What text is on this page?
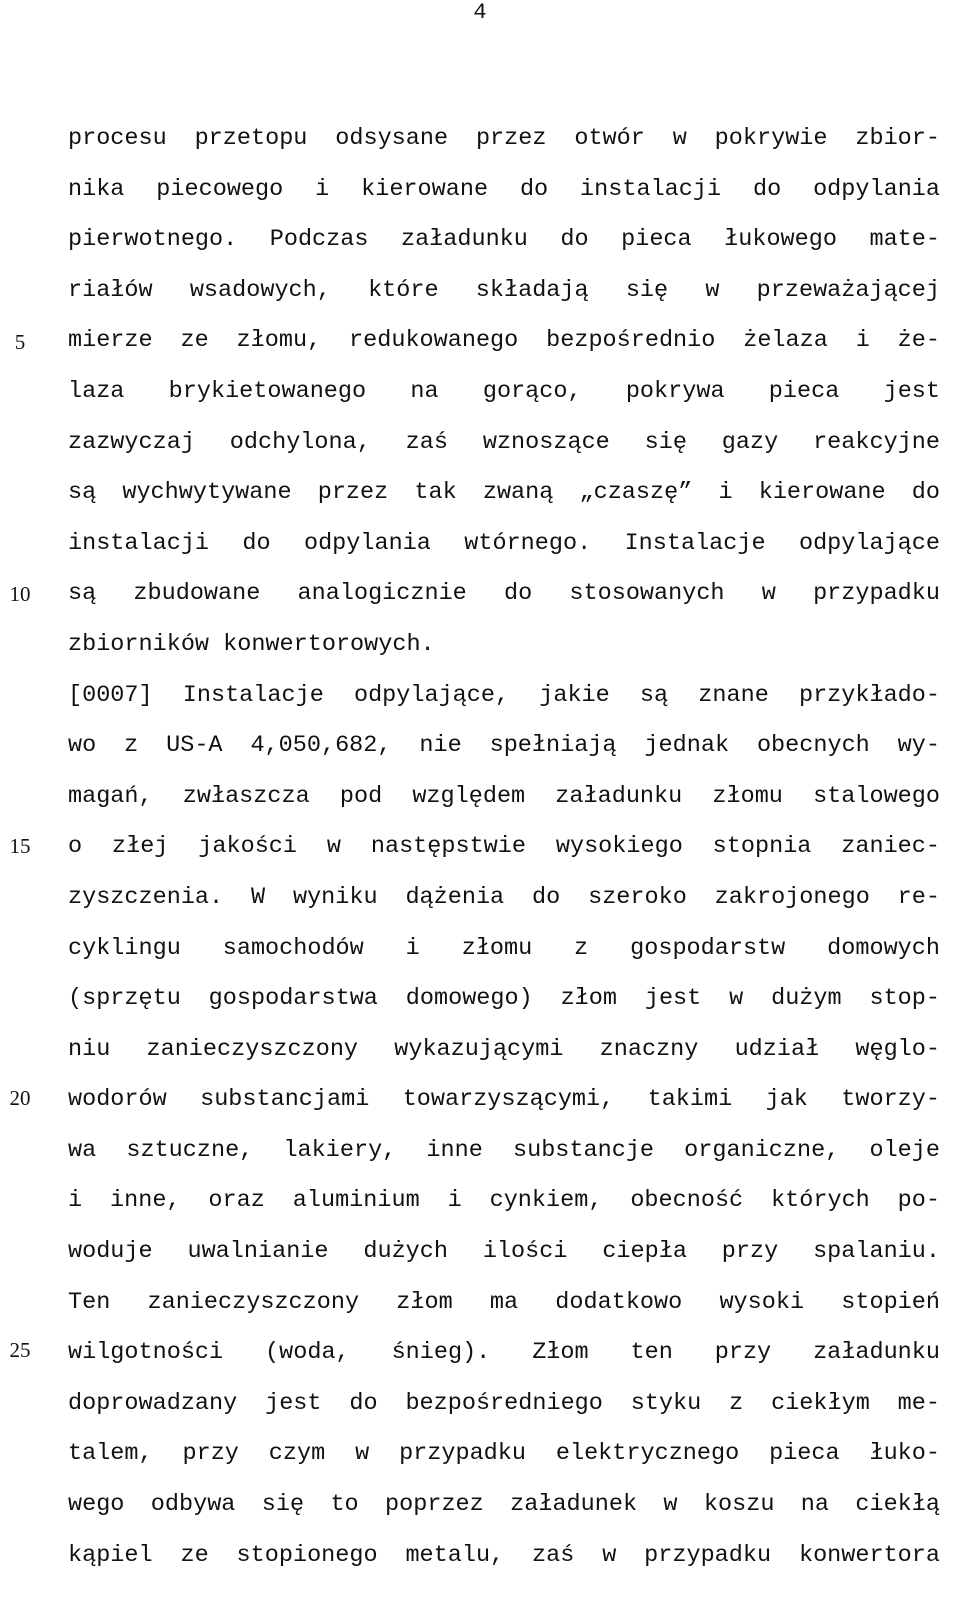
4
5
10
15
20
25
procesu przetopu odsysane przez otwór w pokrywie zbior-
nika piecowego i kierowane do instalacji do odpylania
pierwotnego. Podczas załadunku do pieca łukowego mate-
riałów wsadowych, które składają się w przeważającej
mierze ze złomu, redukowanego bezpośrednio żelaza i że-
laza brykietowanego na gorąco, pokrywa pieca jest
zazwyczaj odchylona, zaś wznoszące się gazy reakcyjne
są wychwytywane przez tak zwaną „czaszę” i kierowane do
instalacji do odpylania wtórnego. Instalacje odpylające
są zbudowane analogicznie do stosowanych w przypadku
zbiorników konwertorowych.
[0007] Instalacje odpylające, jakie są znane przykłado-
wo z US-A 4,050,682, nie spełniają jednak obecnych wy-
magań, zwłaszcza pod względem załadunku złomu stalowego
o złej jakości w następstwie wysokiego stopnia zaniec-
zyszczenia. W wyniku dążenia do szeroko zakrojonego re-
cyklingu samochodów i złomu z gospodarstw domowych
(sprzętu gospodarstwa domowego) złom jest w dużym stop-
niu zanieczyszczony wykazującymi znaczny udział węglo-
wodorów substancjami towarzyszącymi, takimi jak tworzy-
wa sztuczne, lakiery, inne substancje organiczne, oleje
i inne, oraz aluminium i cynkiem, obecność których po-
woduje uwalnianie dużych ilości ciepła przy spalaniu.
Ten zanieczyszczony złom ma dodatkowo wysoki stopień
wilgotności (woda, śnieg). Złom ten przy załadunku
doprowadzany jest do bezpośredniego styku z ciekłym me-
talem, przy czym w przypadku elektrycznego pieca łuko-
wego odbywa się to poprzez załadunek w koszu na ciekłą
kąpiel ze stopionego metalu, zaś w przypadku konwertora
